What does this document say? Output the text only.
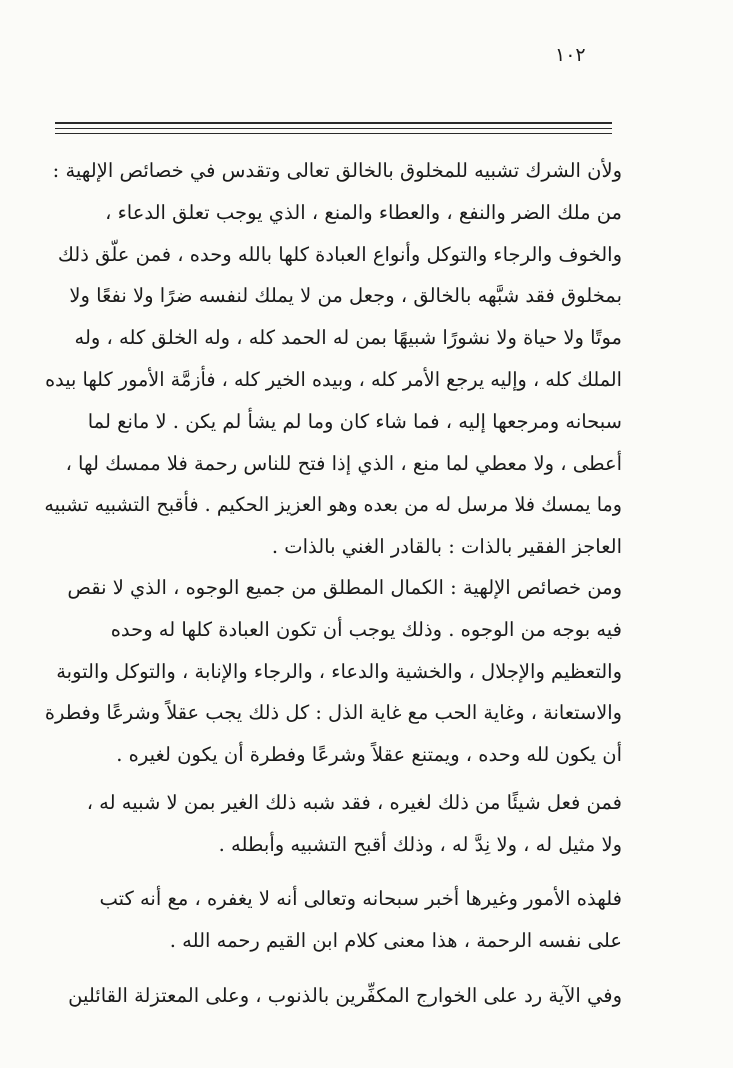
١٠٢
ولأن الشرك تشبيه للمخلوق بالخالق تعالى وتقدس في خصائص الإلهية :
من ملك الضر والنفع ، والعطاء والمنع ، الذي يوجب تعلق الدعاء ،
والخوف والرجاء والتوكل وأنواع العبادة كلها بالله وحده ، فمن علّق ذلك
بمخلوق فقد شبَّهه بالخالق ، وجعل من لا يملك لنفسه ضرًا ولا نفعًا ولا
موتًا ولا حياة ولا نشورًا شبيهًا بمن له الحمد كله ، وله الخلق كله ، وله
الملك كله ، وإليه يرجع الأمر كله ، وبيده الخير كله ، فأزمَّة الأمور كلها بيده
سبحانه ومرجعها إليه ، فما شاء كان وما لم يشأ لم يكن . لا مانع لما
أعطى ، ولا معطي لما منع ، الذي إذا فتح للناس رحمة فلا ممسك لها ،
وما يمسك فلا مرسل له من بعده وهو العزيز الحكيم . فأقبح التشبيه تشبيه
العاجز الفقير بالذات : بالقادر الغني بالذات .
ومن خصائص الإلهية : الكمال المطلق من جميع الوجوه ، الذي لا نقص
فيه بوجه من الوجوه . وذلك يوجب أن تكون العبادة كلها له وحده
والتعظيم والإجلال ، والخشية والدعاء ، والرجاء والإنابة ، والتوكل والتوبة
والاستعانة ، وغاية الحب مع غاية الذل : كل ذلك يجب عقلاً وشرعًا وفطرة
أن يكون لله وحده ، ويمتنع عقلاً وشرعًا وفطرة أن يكون لغيره .
فمن فعل شيئًا من ذلك لغيره ، فقد شبه ذلك الغير بمن لا شبيه له ،
ولا مثيل له ، ولا نِدَّ له ، وذلك أقبح التشبيه وأبطله .
فلهذه الأمور وغيرها أخبر سبحانه وتعالى أنه لا يغفره ، مع أنه كتب
على نفسه الرحمة ، هذا معنى كلام ابن القيم رحمه الله .
وفي الآية رد على الخوارج المكفِّرين بالذنوب ، وعلى المعتزلة القائلين
